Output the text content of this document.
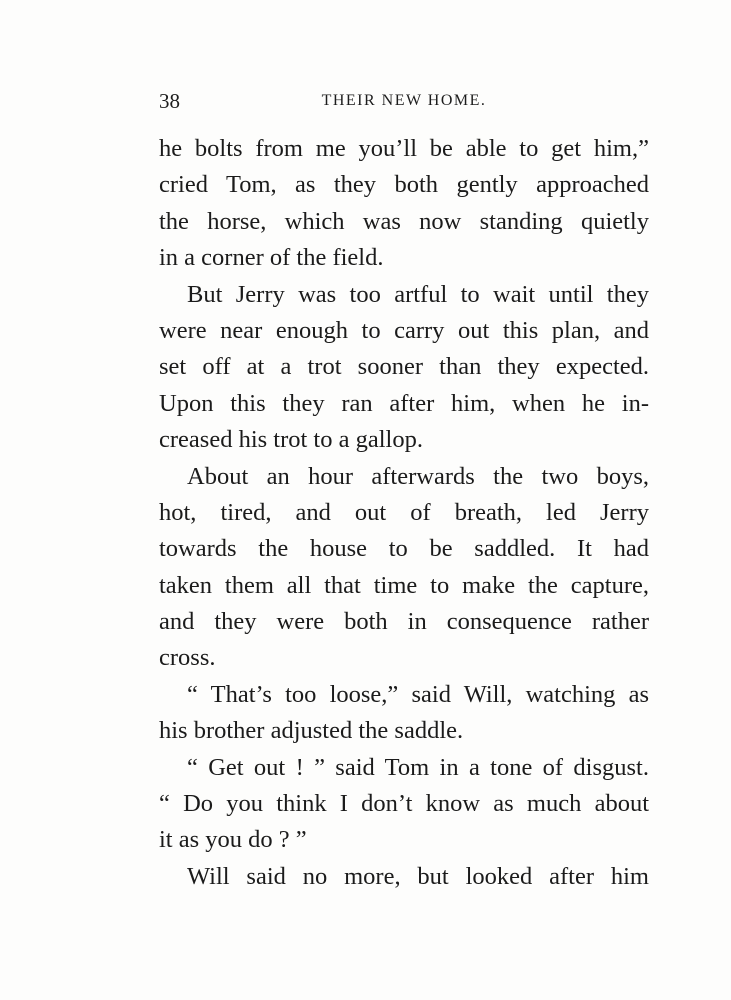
38	THEIR NEW HOME.
he bolts from me you’ll be able to get him,”
cried Tom, as they both gently approached
the horse, which was now standing quietly
in a corner of the field.
But Jerry was too artful to wait until they
were near enough to carry out this plan, and
set off at a trot sooner than they expected.
Upon this they ran after him, when he in-
creased his trot to a gallop.
About an hour afterwards the two boys,
hot, tired, and out of breath, led Jerry
towards the house to be saddled. It had
taken them all that time to make the capture,
and they were both in consequence rather
cross.
“ That’s too loose,” said Will, watching as
his brother adjusted the saddle.
“ Get out ! ” said Tom in a tone of disgust.
“ Do you think I don’t know as much about
it as you do ? ”
Will said no more, but looked after him
